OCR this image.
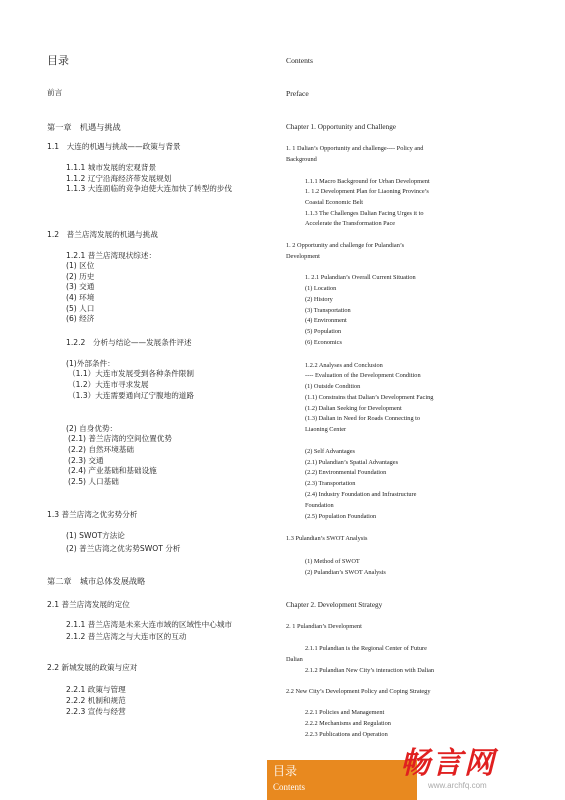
目录
Contents
畅言网
www.archfq.com
目录
前言
第一章　机遇与挑战
1.1　大连的机遇与挑战——政策与背景
1.1.1 城市发展的宏观背景
1.1.2 辽宁沿海经济带发展规划
1.1.3 大连面临的竞争迫使大连加快了转型的步伐
1.2　普兰店湾发展的机遇与挑战
1.2.1 普兰店湾现状综述：
(1) 区位
(2) 历史
(3) 交通
(4) 环境
(5) 人口
(6) 经济
1.2.2　分析与结论——发展条件评述
(1)外部条件：
（1.1）大连市发展受到各种条件限制
（1.2）大连市寻求发展
（1.3）大连需要通向辽宁腹地的道路
(2) 自身优势：
(2.1) 普兰店湾的空间位置优势
(2.2) 自然环境基础
(2.3) 交通
(2.4) 产业基础和基础设施
(2.5) 人口基础
1.3 普兰店湾之优劣势分析
(1) SWOT方法论
(2) 普兰店湾之优劣势SWOT 分析
第二章　城市总体发展战略
2.1 普兰店湾发展的定位
2.1.1 普兰店湾是未来大连市域的区域性中心城市
2.1.2 普兰店湾之与大连市区的互动
2.2 新城发展的政策与应对
2.2.1 政策与管理
2.2.2 机制和规范
2.2.3 宣传与经营
Contents
Preface
Chapter 1. Opportunity and Challenge
1. 1 Dalian’s Opportunity and challenge---- Policy and
Background
1.1.1 Macro Background for Urban Development
1. 1.2 Development Plan for Liaoning Province’s
Coastal Economic Belt
1.1.3 The Challenges Dalian Facing Urges it to
Accelerate the Transformation Pace
1. 2 Opportunity and challenge for Pulandian’s
Development
1. 2.1 Pulandian’s Overall Current Situation
(1) Location
(2) History
(3) Transportation
(4) Environment
(5) Population
(6) Economics
1.2.2 Analyses and Conclusion
---- Evaluation of the Development Condition
(1) Outside Condition
(1.1) Constrains that Dalian’s Development Facing
(1.2) Dalian Seeking for Development
(1.3) Dalian in Need for Roads Connecting to
Liaoning Center
(2) Self Advantages
(2.1) Pulandian’s Spatial Advantages
(2.2) Environmental Foundation
(2.3) Transportation
(2.4) Industry Foundation and Infrastructure
Foundation
(2.5) Population Foundation
1.3 Pulandian’s SWOT Analysis
(1) Method of SWOT
(2) Pulandian’s SWOT Analysis
Chapter 2. Development Strategy
2. 1 Pulandian’s Development
2.1.1 Pulandian is the Regional Center of Future
Dalian
2.1.2 Pulandian New City’s interaction with Dalian
2.2 New City’s Development Policy and Coping Strategy
2.2.1 Policies and Management
2.2.2 Mechanisms and Regulation
2.2.3 Publications and Operation
